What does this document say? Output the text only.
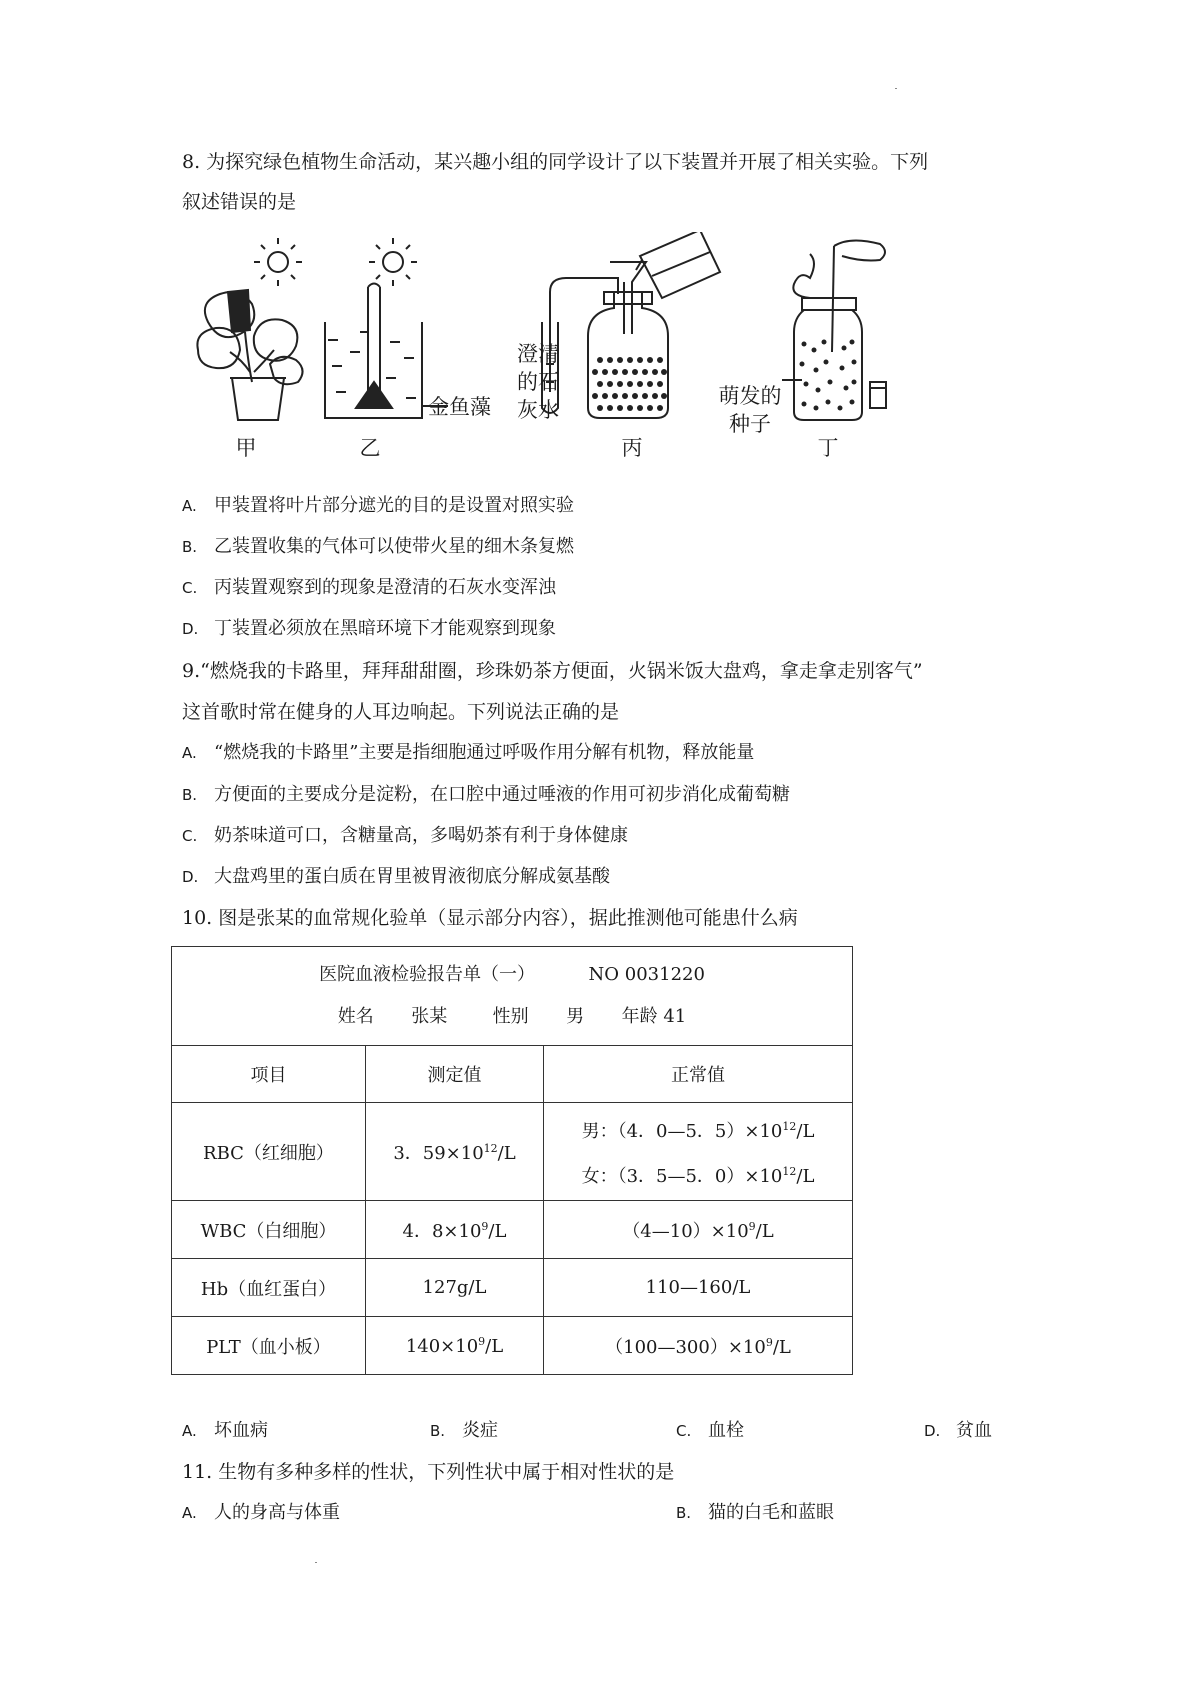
8. 为探究绿色植物生命活动，某兴趣小组的同学设计了以下装置并开展了相关实验。下列
叙述错误的是
甲	乙	丙	丁
金鱼藻
澄清
的石
灰水
萌发的
种子
A. 甲装置将叶片部分遮光的目的是设置对照实验
B. 乙装置收集的气体可以使带火星的细木条复燃
C. 丙装置观察到的现象是澄清的石灰水变浑浊
D. 丁装置必须放在黑暗环境下才能观察到现象
9.“燃烧我的卡路里，拜拜甜甜圈，珍珠奶茶方便面，火锅米饭大盘鸡，拿走拿走别客气”
这首歌时常在健身的人耳边响起。下列说法正确的是
A. “燃烧我的卡路里”主要是指细胞通过呼吸作用分解有机物，释放能量
B. 方便面的主要成分是淀粉，在口腔中通过唾液的作用可初步消化成葡萄糖
C. 奶茶味道可口，含糖量高，多喝奶茶有利于身体健康
D. 大盘鸡里的蛋白质在胃里被胃液彻底分解成氨基酸
10. 图是张某的血常规化验单（显示部分内容），据此推测他可能患什么病
医院血液检验报告单（一） NO 0031220
姓名 张某 性别 男 年龄 41		

项目	测定值	正常值
RBC（红细胞）	3．$59\times 10^{12}/L$	男：（4．0—5．$5)\times 10^{12}/L$
女：（3．5—5．$0)\times 10^{12}/L$

WBC（白细胞）	4．$8\times 10^9/L$	$(4—10)\times 10^9/L$
Hb（血红蛋白）	127g/L	110—160/L
PLT（血小板）	$140\times 10^9/L$	$(100—300)\times 10^9/L$
A. 坏血病	B. 炎症	C. 血栓	D. 贫血
11. 生物有多种多样的性状，下列性状中属于相对性状的是
A. 人的身高与体重	B. 猫的白毛和蓝眼
